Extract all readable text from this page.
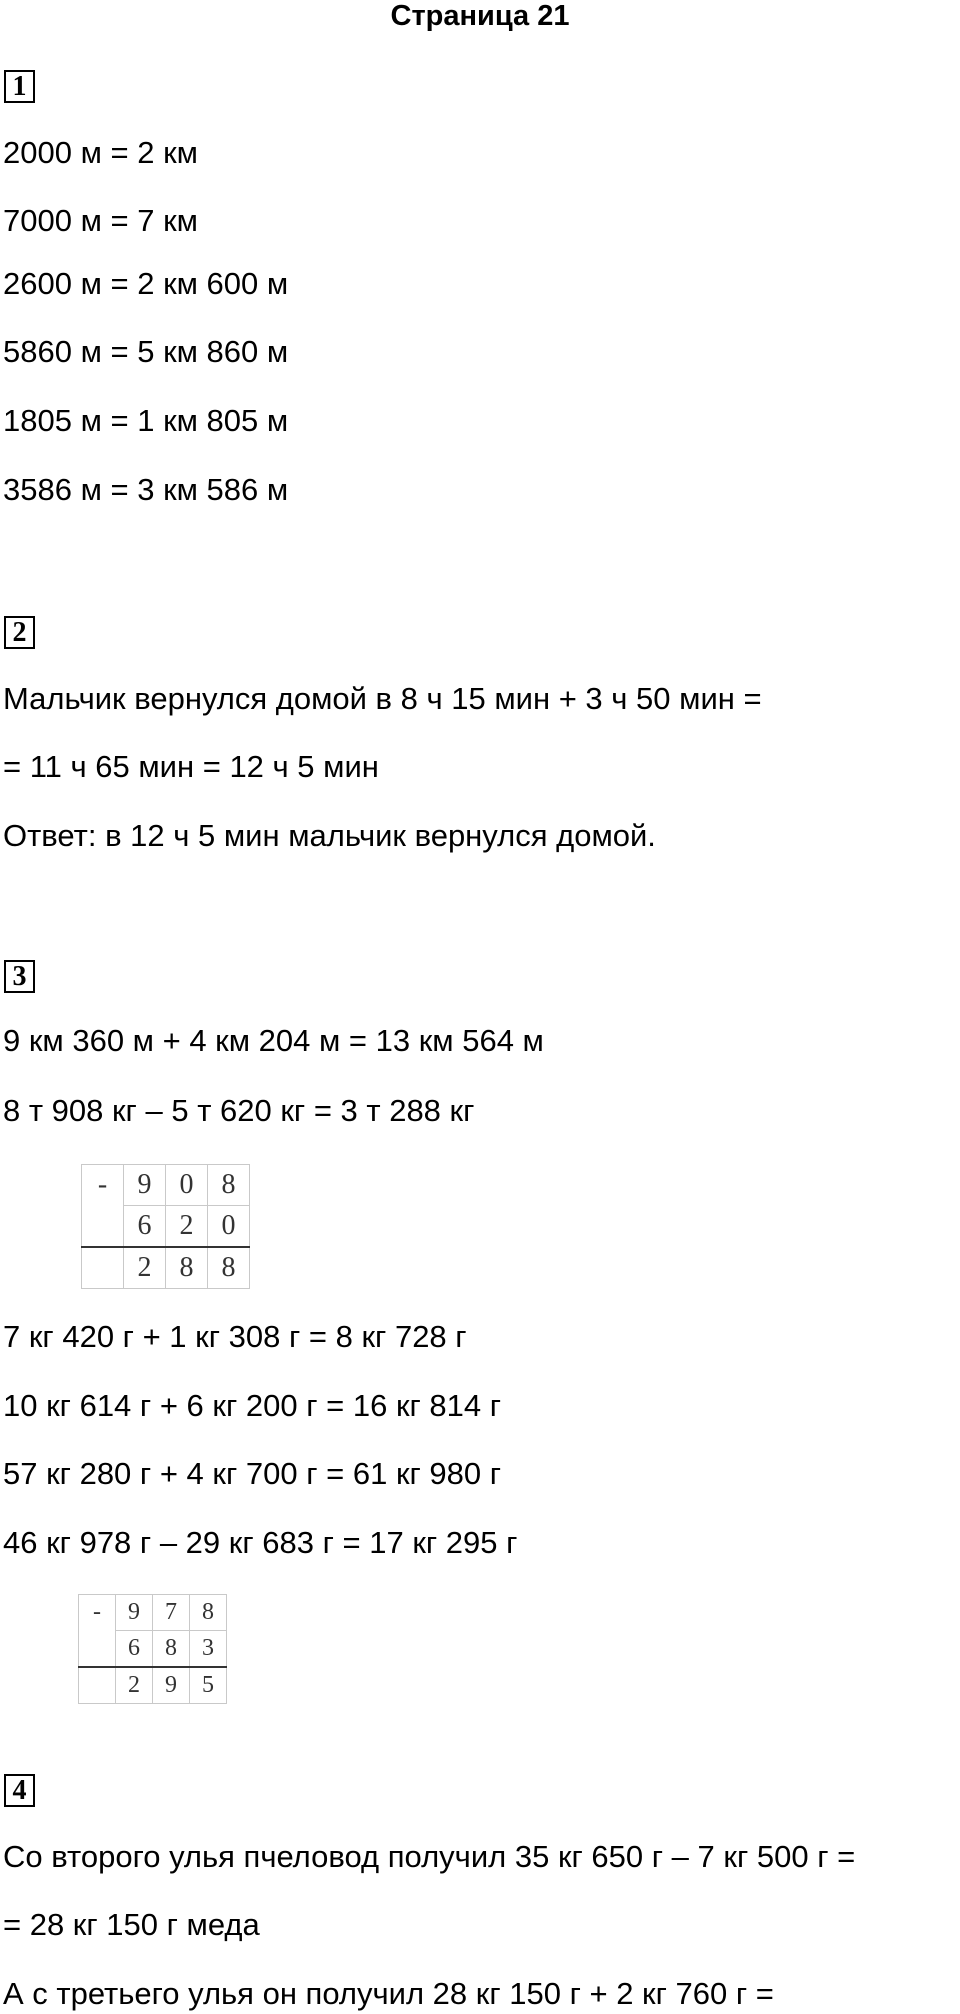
Страница 21
1
2000 м = 2 км
7000 м = 7 км
2600 м = 2 км 600 м
5860 м = 5 км 860 м
1805 м = 1 км 805 м
3586 м = 3 км 586 м
2
Мальчик вернулся домой в 8 ч 15 мин + 3 ч 50 мин =
= 11 ч 65 мин = 12 ч 5 мин
Ответ: в 12 ч 5 мин мальчик вернулся домой.
3
9 км 360 м + 4 км 204 м = 13 км 564 м
8 т 908 кг – 5 т 620 кг = 3 т 288 кг
-	9	0	8
	6	2	0
	2	8	8
7 кг 420 г + 1 кг 308 г = 8 кг 728 г
10 кг 614 г + 6 кг 200 г = 16 кг 814 г
57 кг 280 г + 4 кг 700 г = 61 кг 980 г
46 кг 978 г – 29 кг 683 г = 17 кг 295 г
-	9	7	8
	6	8	3
	2	9	5
4
Со второго улья пчеловод получил 35 кг 650 г – 7 кг 500 г =
= 28 кг 150 г меда
А с третьего улья он получил 28 кг 150 г + 2 кг 760 г =
